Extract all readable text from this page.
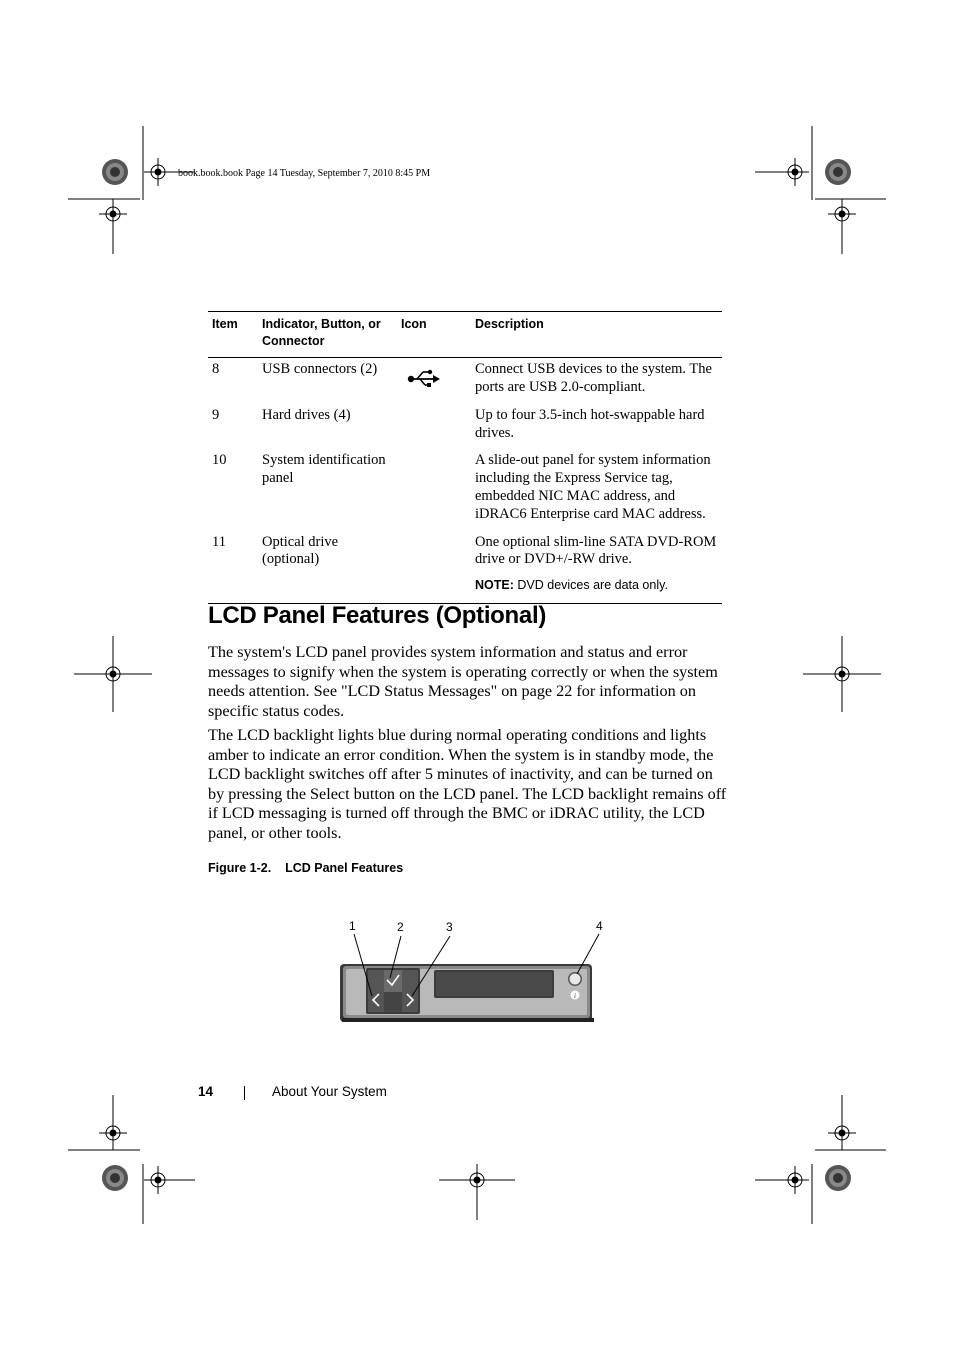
book.book.book Page 14 Tuesday, September 7, 2010 8:45 PM
Item	Indicator, Button, or Connector	Icon	Description
8	USB connectors (2)		Connect USB devices to the system. The ports are USB 2.0-compliant.
9	Hard drives (4)		Up to four 3.5-inch hot-swappable hard drives.
10	System identification panel		A slide-out panel for system information including the Express Service tag, embedded NIC MAC address, and iDRAC6 Enterprise card MAC address.
11	Optical drive (optional)		One optional slim-line SATA DVD-ROM drive or DVD+/-RW drive.
NOTE: DVD devices are data only.
LCD Panel Features (Optional)

The system's LCD panel provides system information and status and error messages to signify when the system is operating correctly or when the system needs attention. See "LCD Status Messages" on page 22 for information on specific status codes.

The LCD backlight lights blue during normal operating conditions and lights amber to indicate an error condition. When the system is in standby mode, the LCD backlight switches off after 5 minutes of inactivity, and can be turned on by pressing the Select button on the LCD panel. The LCD backlight remains off if LCD messaging is turned off through the BMC or iDRAC utility, the LCD panel, or other tools.

Figure 1-2.    LCD Panel Features
i
1	2	3	4
14	About Your System
